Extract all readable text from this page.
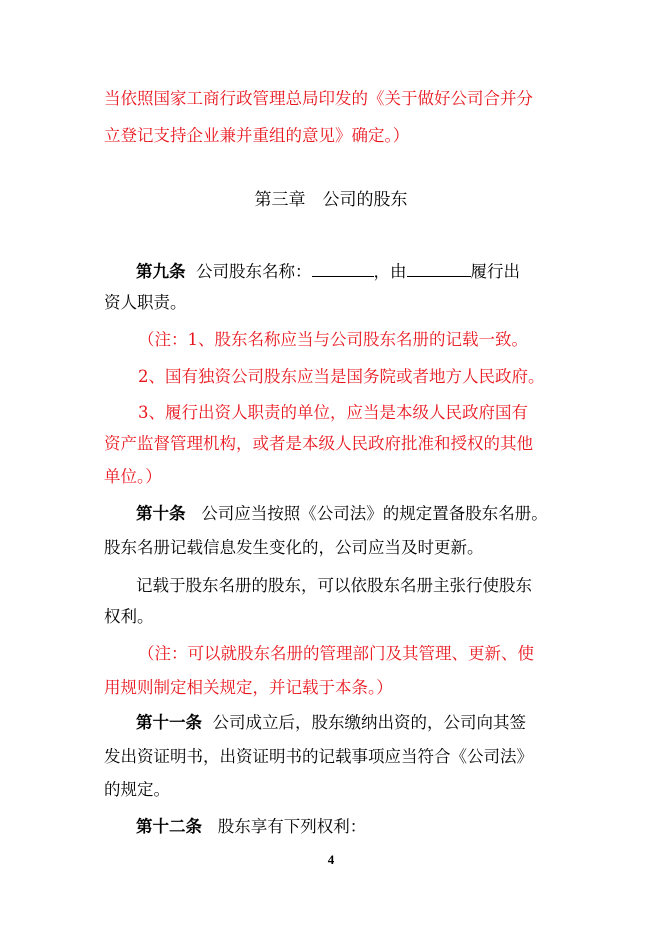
当依照国家工商行政管理总局印发的《关于做好公司合并分
立登记支持企业兼并重组的意见》确定。）
第三章　公司的股东
第九条 公司股东名称：	，由	履行出
资人职责。
（注：1、股东名称应当与公司股东名册的记载一致。
2、国有独资公司股东应当是国务院或者地方人民政府。
3、履行出资人职责的单位，应当是本级人民政府国有
资产监督管理机构，或者是本级人民政府批准和授权的其他
单位。）
第十条 公司应当按照《公司法》的规定置备股东名册。
股东名册记载信息发生变化的，公司应当及时更新。
记载于股东名册的股东，可以依股东名册主张行使股东
权利。
（注：可以就股东名册的管理部门及其管理、更新、使
用规则制定相关规定，并记载于本条。）
第十一条 公司成立后，股东缴纳出资的，公司向其签
发出资证明书，出资证明书的记载事项应当符合《公司法》
的规定。
第十二条 股东享有下列权利：
4
